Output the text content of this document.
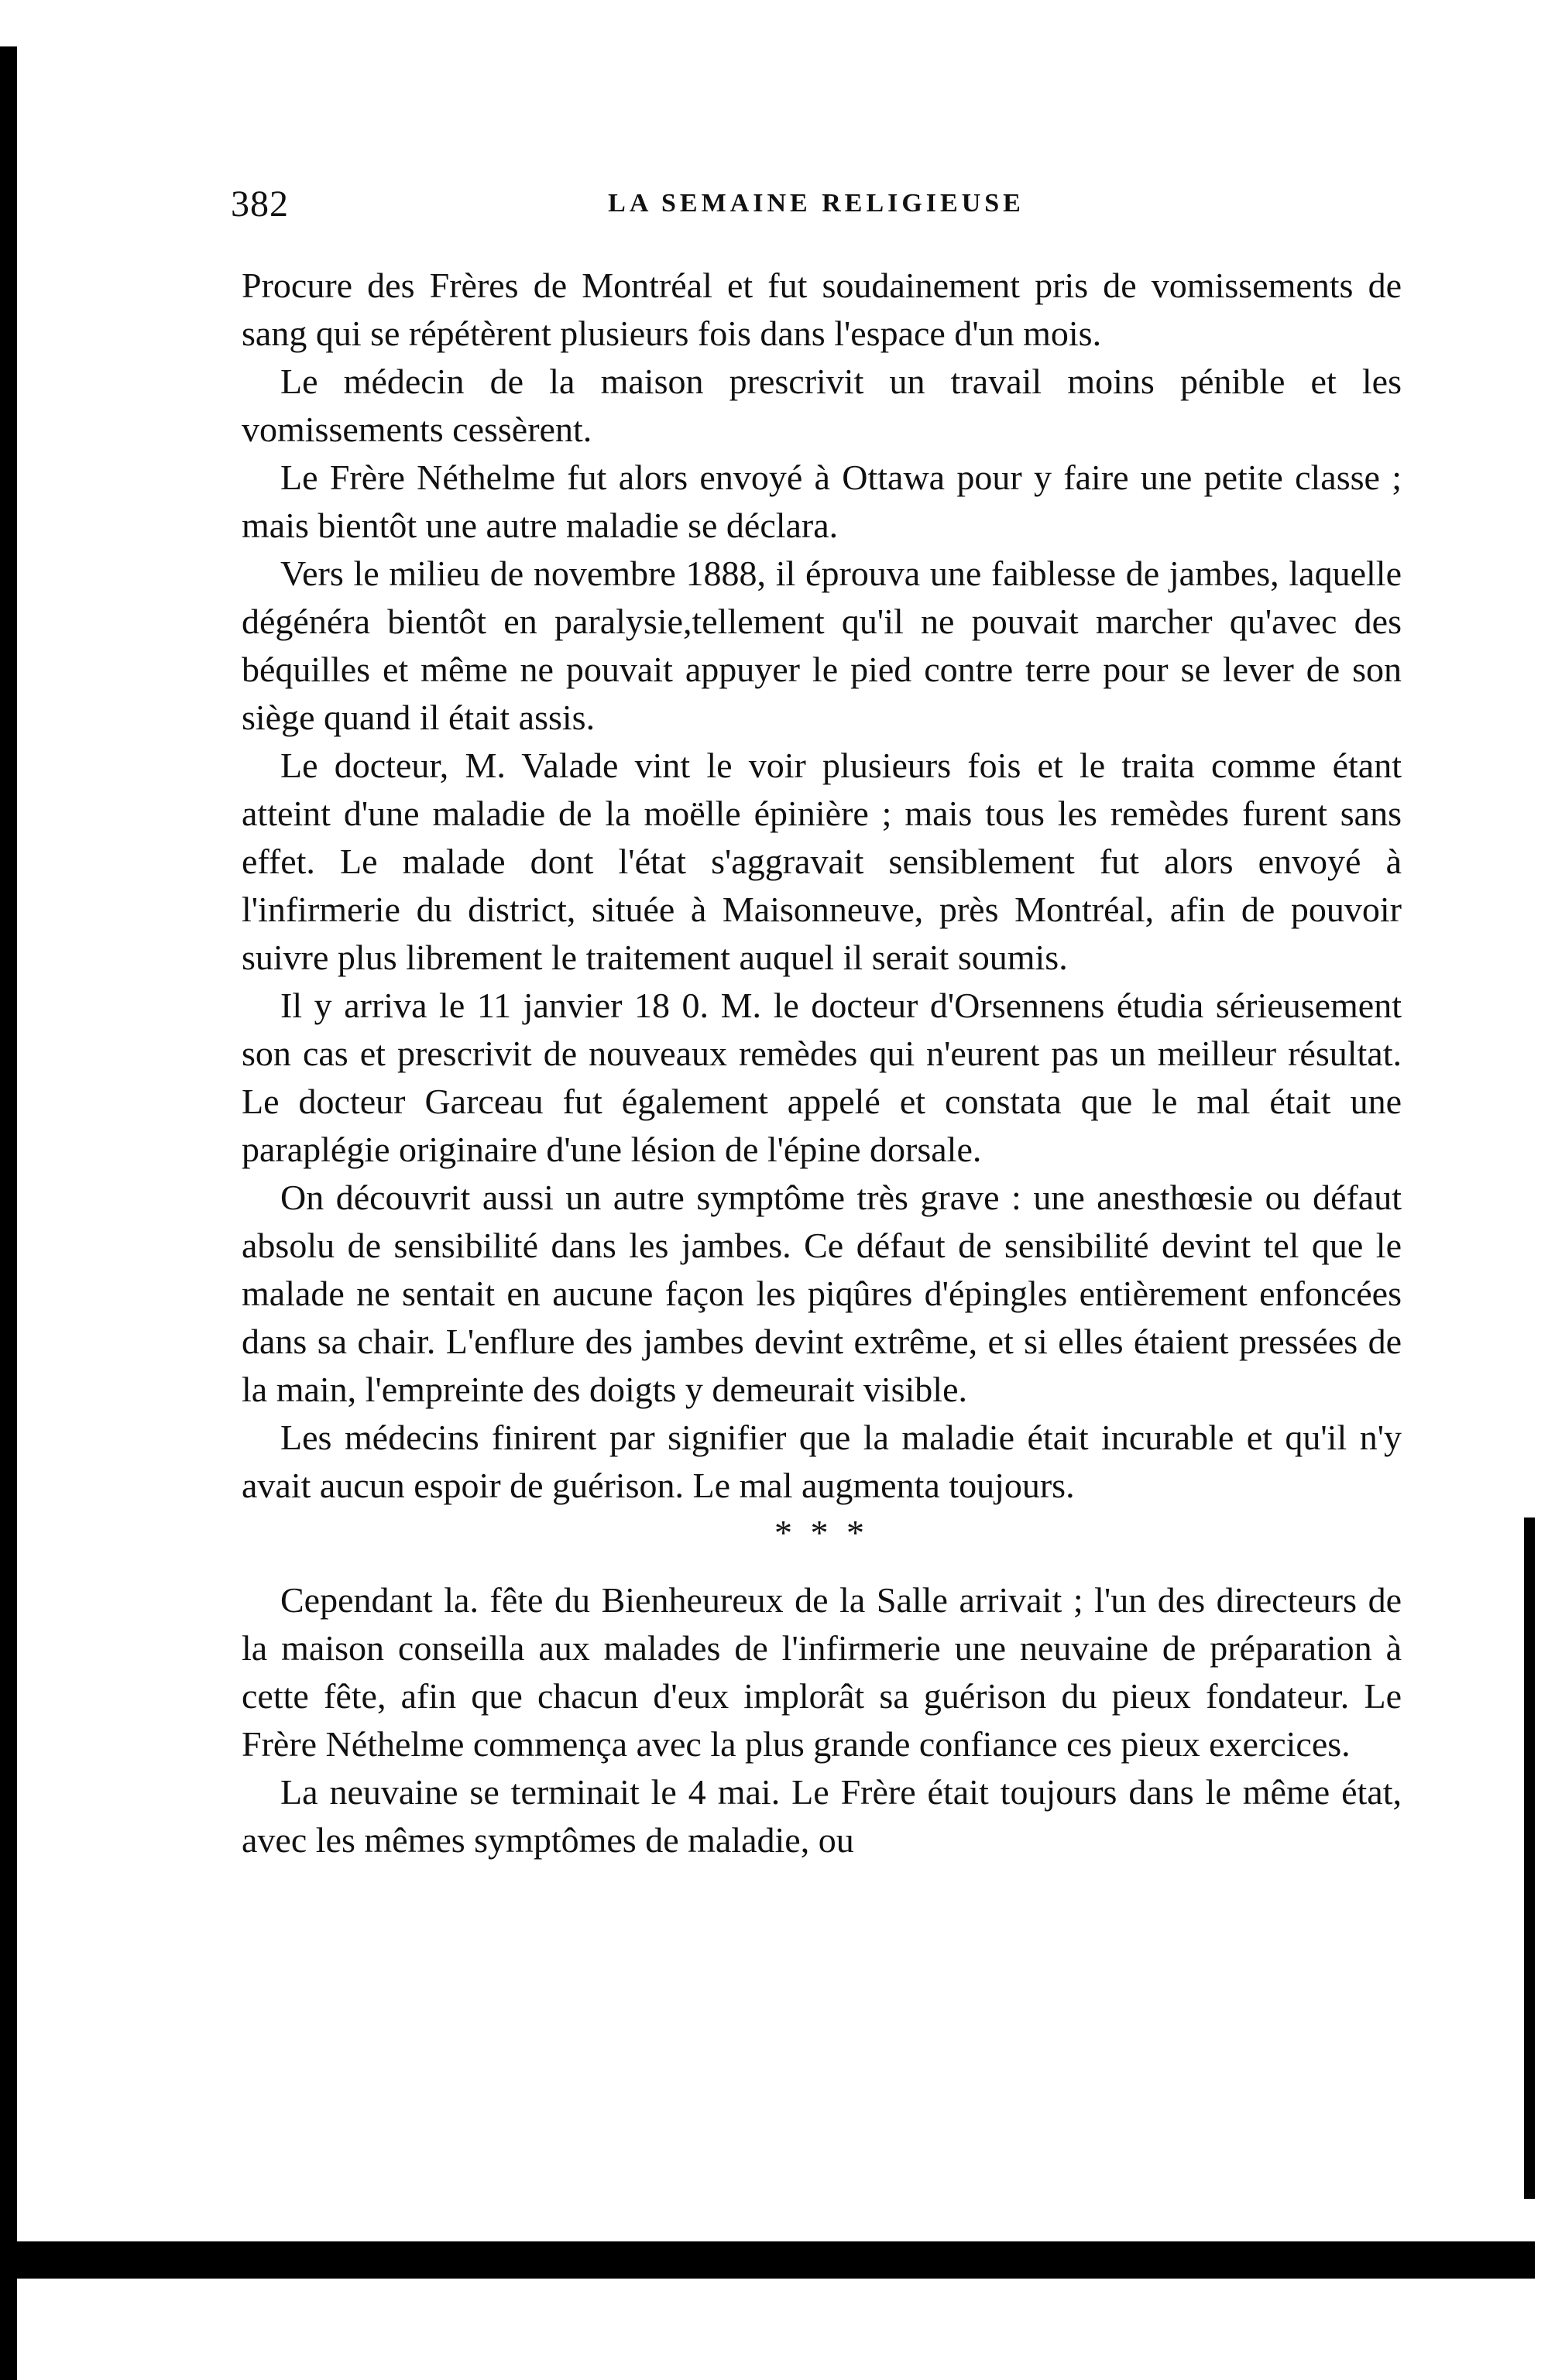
382	LA SEMAINE RELIGIEUSE

Procure des Frères de Montréal et fut soudainement pris de vomissements de sang qui se répétèrent plusieurs fois dans l'espace d'un mois.

Le médecin de la maison prescrivit un travail moins pénible et les vomissements cessèrent.

Le Frère Néthelme fut alors envoyé à Ottawa pour y faire une petite classe ; mais bientôt une autre maladie se déclara.

Vers le milieu de novembre 1888, il éprouva une faiblesse de jambes, laquelle dégénéra bientôt en paralysie,tellement qu'il ne pouvait marcher qu'avec des béquilles et même ne pouvait appuyer le pied contre terre pour se lever de son siège quand il était assis.

Le docteur, M. Valade vint le voir plusieurs fois et le traita comme étant atteint d'une maladie de la moëlle épinière ; mais tous les remèdes furent sans effet. Le malade dont l'état s'aggravait sensiblement fut alors envoyé à l'infirmerie du district, située à Maisonneuve, près Montréal, afin de pouvoir suivre plus librement le traitement auquel il serait soumis.

Il y arriva le 11 janvier 18 0. M. le docteur d'Orsennens étudia sérieusement son cas et prescrivit de nouveaux remèdes qui n'eurent pas un meilleur résultat. Le docteur Garceau fut également appelé et constata que le mal était une paraplégie originaire d'une lésion de l'épine dorsale.

On découvrit aussi un autre symptôme très grave : une anesthœsie ou défaut absolu de sensibilité dans les jambes. Ce défaut de sensibilité devint tel que le malade ne sentait en aucune façon les piqûres d'épingles entièrement enfoncées dans sa chair. L'enflure des jambes devint extrême, et si elles étaient pressées de la main, l'empreinte des doigts y demeurait visible.

Les médecins finirent par signifier que la maladie était incurable et qu'il n'y avait aucun espoir de guérison. Le mal augmenta toujours.

* * *

Cependant la. fête du Bienheureux de la Salle arrivait ; l'un des directeurs de la maison conseilla aux malades de l'infirmerie une neuvaine de préparation à cette fête, afin que chacun d'eux implorât sa guérison du pieux fondateur. Le Frère Néthelme commença avec la plus grande confiance ces pieux exercices.

La neuvaine se terminait le 4 mai. Le Frère était toujours dans le même état, avec les mêmes symptômes de maladie, ou
